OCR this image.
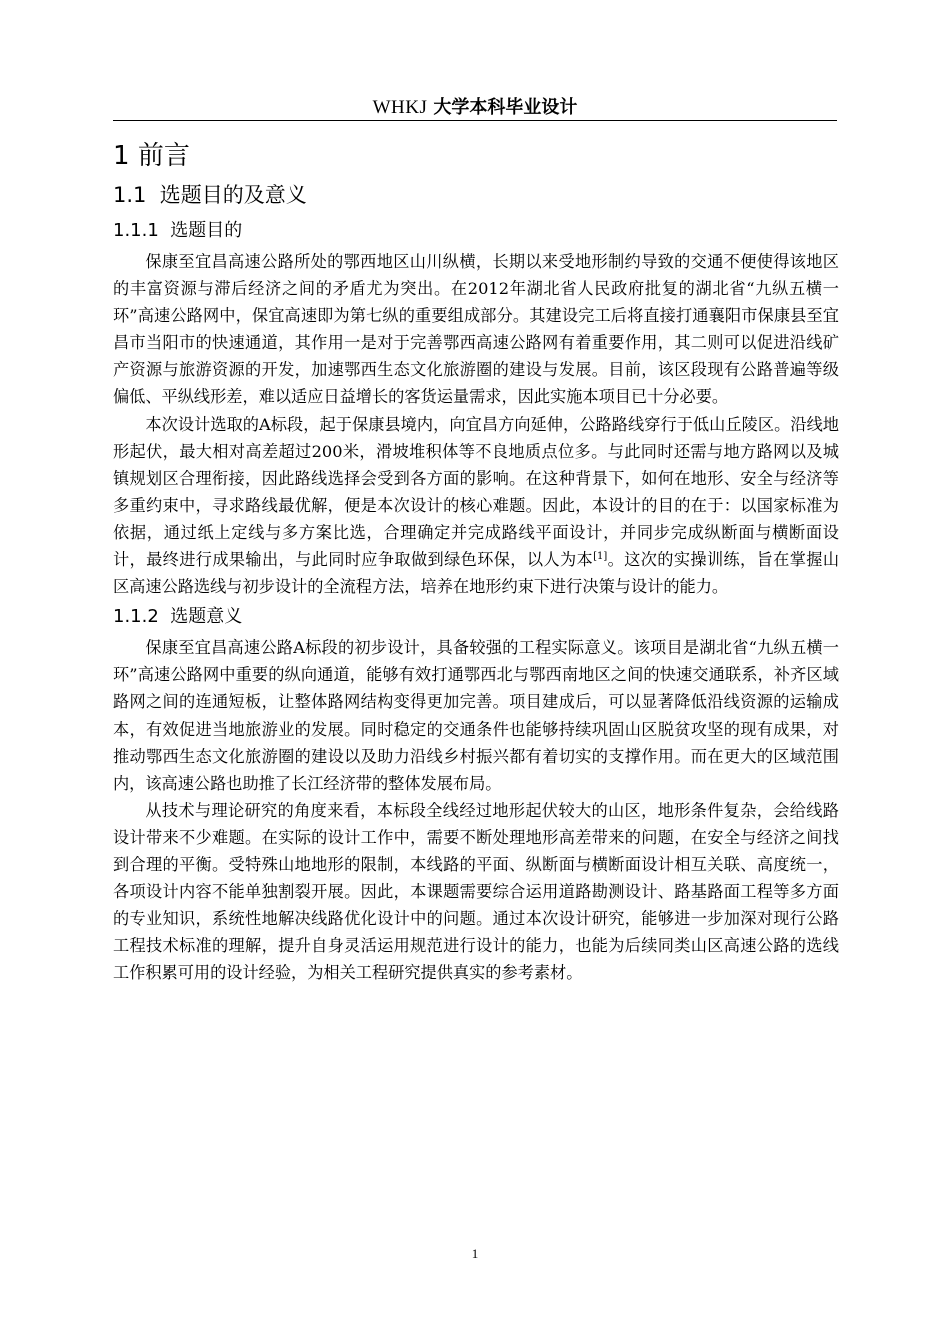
WHKJ 大学本科毕业设计
1 前言
1.1 选题目的及意义
1.1.1 选题目的

保康至宜昌高速公路所处的鄂西地区山川纵横，长期以来受地形制约导致的交通不便使得该地区的丰富资源与滞后经济之间的矛盾尤为突出。在2012年湖北省人民政府批复的湖北省“九纵五横一环”高速公路网中，保宜高速即为第七纵的重要组成部分。其建设完工后将直接打通襄阳市保康县至宜昌市当阳市的快速通道，其作用一是对于完善鄂西高速公路网有着重要作用，其二则可以促进沿线矿产资源与旅游资源的开发，加速鄂西生态文化旅游圈的建设与发展。目前，该区段现有公路普遍等级偏低、平纵线形差，难以适应日益增长的客货运量需求，因此实施本项目已十分必要。

本次设计选取的A标段，起于保康县境内，向宜昌方向延伸，公路路线穿行于低山丘陵区。沿线地形起伏，最大相对高差超过200米，滑坡堆积体等不良地质点位多。与此同时还需与地方路网以及城镇规划区合理衔接，因此路线选择会受到各方面的影响。在这种背景下，如何在地形、安全与经济等多重约束中，寻求路线最优解，便是本次设计的核心难题。因此，本设计的目的在于：以国家标准为依据，通过纸上定线与多方案比选，合理确定并完成路线平面设计，并同步完成纵断面与横断面设计，最终进行成果输出，与此同时应争取做到绿色环保，以人为本[1]。这次的实操训练，旨在掌握山区高速公路选线与初步设计的全流程方法，培养在地形约束下进行决策与设计的能力。

1.1.2 选题意义

保康至宜昌高速公路A标段的初步设计，具备较强的工程实际意义。该项目是湖北省“九纵五横一环”高速公路网中重要的纵向通道，能够有效打通鄂西北与鄂西南地区之间的快速交通联系，补齐区域路网之间的连通短板，让整体路网结构变得更加完善。项目建成后，可以显著降低沿线资源的运输成本，有效促进当地旅游业的发展。同时稳定的交通条件也能够持续巩固山区脱贫攻坚的现有成果，对推动鄂西生态文化旅游圈的建设以及助力沿线乡村振兴都有着切实的支撑作用。而在更大的区域范围内，该高速公路也助推了长江经济带的整体发展布局。

从技术与理论研究的角度来看，本标段全线经过地形起伏较大的山区，地形条件复杂，会给线路设计带来不少难题。在实际的设计工作中，需要不断处理地形高差带来的问题，在安全与经济之间找到合理的平衡。受特殊山地地形的限制，本线路的平面、纵断面与横断面设计相互关联、高度统一，各项设计内容不能单独割裂开展。因此，本课题需要综合运用道路勘测设计、路基路面工程等多方面的专业知识，系统性地解决线路优化设计中的问题。通过本次设计研究，能够进一步加深对现行公路工程技术标准的理解，提升自身灵活运用规范进行设计的能力，也能为后续同类山区高速公路的选线工作积累可用的设计经验，为相关工程研究提供真实的参考素材。

1
